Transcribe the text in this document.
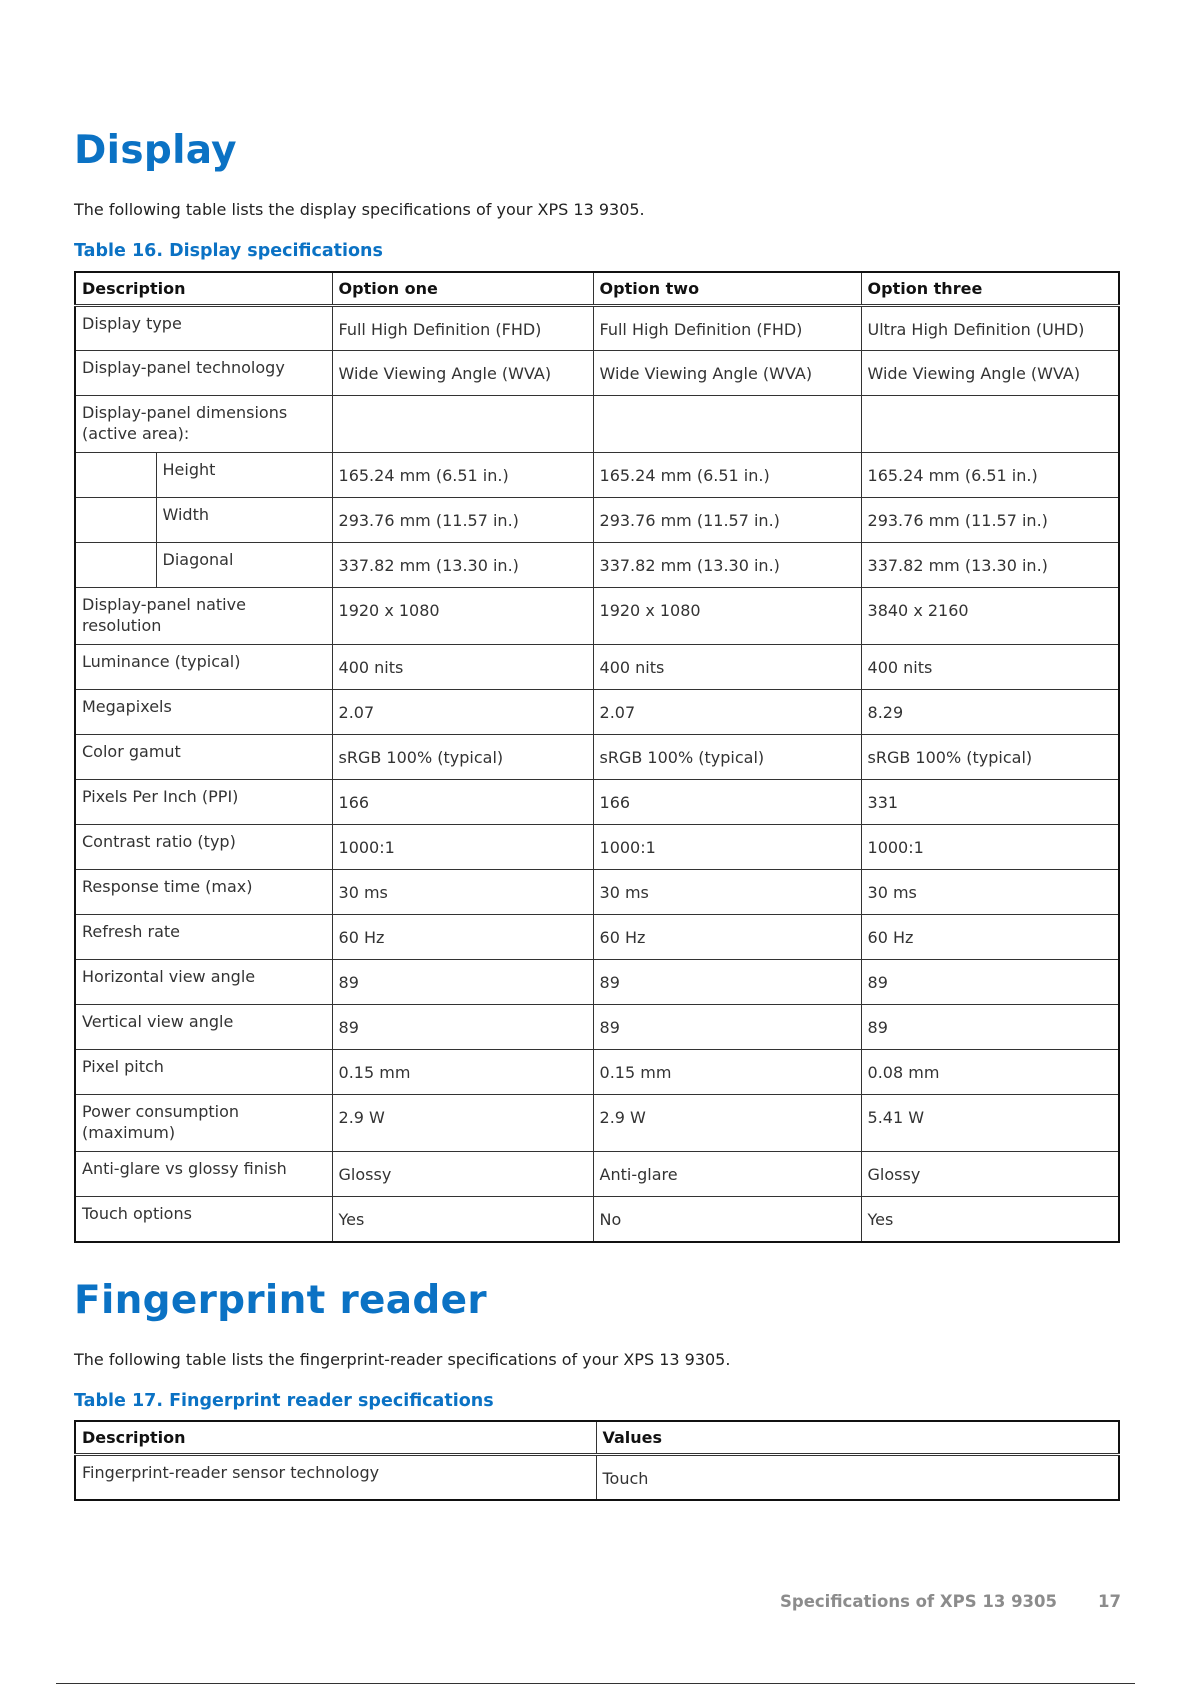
Display

The following table lists the display specifications of your XPS 13 9305.

Table 16. Display specifications

Description		Option one	Option two	Option three
Display type		Full High Definition (FHD)	Full High Definition (FHD)	Ultra High Definition (UHD)
Display-panel technology		Wide Viewing Angle (WVA)	Wide Viewing Angle (WVA)	Wide Viewing Angle (WVA)
Display-panel dimensions (active area):				
	Height	165.24 mm (6.51 in.)	165.24 mm (6.51 in.)	165.24 mm (6.51 in.)
	Width	293.76 mm (11.57 in.)	293.76 mm (11.57 in.)	293.76 mm (11.57 in.)
	Diagonal	337.82 mm (13.30 in.)	337.82 mm (13.30 in.)	337.82 mm (13.30 in.)
Display-panel native resolution		1920 x 1080	1920 x 1080	3840 x 2160
Luminance (typical)		400 nits	400 nits	400 nits
Megapixels		2.07	2.07	8.29
Color gamut		sRGB 100% (typical)	sRGB 100% (typical)	sRGB 100% (typical)
Pixels Per Inch (PPI)		166	166	331
Contrast ratio (typ)		1000:1	1000:1	1000:1
Response time (max)		30 ms	30 ms	30 ms
Refresh rate		60 Hz	60 Hz	60 Hz
Horizontal view angle		89	89	89
Vertical view angle		89	89	89
Pixel pitch		0.15 mm	0.15 mm	0.08 mm
Power consumption (maximum)		2.9 W	2.9 W	5.41 W
Anti-glare vs glossy finish		Glossy	Anti-glare	Glossy
Touch options		Yes	No	Yes
Fingerprint reader

The following table lists the fingerprint-reader specifications of your XPS 13 9305.

Table 17. Fingerprint reader specifications

Description	Values
Fingerprint-reader sensor technology	Touch
Specifications of XPS 13 9305 17
